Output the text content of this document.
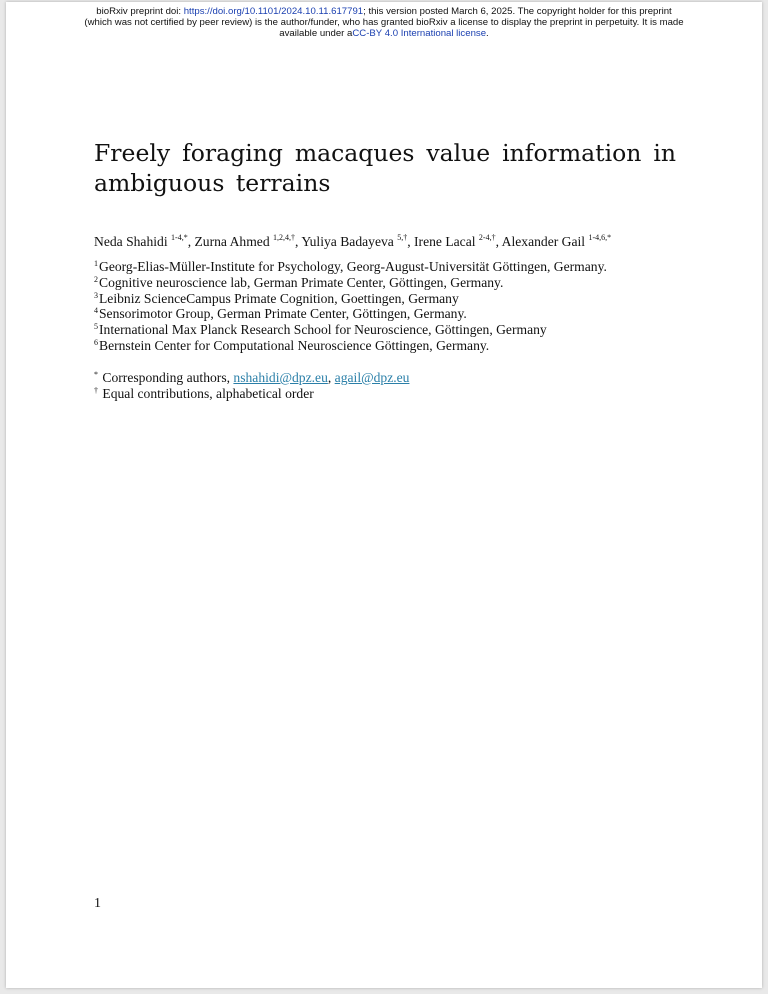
bioRxiv preprint doi: https://doi.org/10.1101/2024.10.11.617791; this version posted March 6, 2025. The copyright holder for this preprint
(which was not certified by peer review) is the author/funder, who has granted bioRxiv a license to display the preprint in perpetuity. It is made
available under aCC-BY 4.0 International license.
Freely foraging macaques value information in ambiguous terrains
Neda Shahidi $^{1-4,*}$, Zurna Ahmed $^{1,2,4,\dagger}$, Yuliya Badayeva $^{5,\dagger}$, Irene Lacal $^{2-4,\dagger}$, Alexander Gail $^{1-4,6,*}$
$^1$Georg-Elias-Müller-Institute for Psychology, Georg-August-Universität Göttingen, Germany.
$^2$Cognitive neuroscience lab, German Primate Center, Göttingen, Germany.
$^3$Leibniz ScienceCampus Primate Cognition, Goettingen, Germany
$^4$Sensorimotor Group, German Primate Center, Göttingen, Germany.
$^5$International Max Planck Research School for Neuroscience, Göttingen, Germany
$^6$Bernstein Center for Computational Neuroscience Göttingen, Germany.
* Corresponding authors, nshahidi@dpz.eu, agail@dpz.eu
† Equal contributions, alphabetical order
1
